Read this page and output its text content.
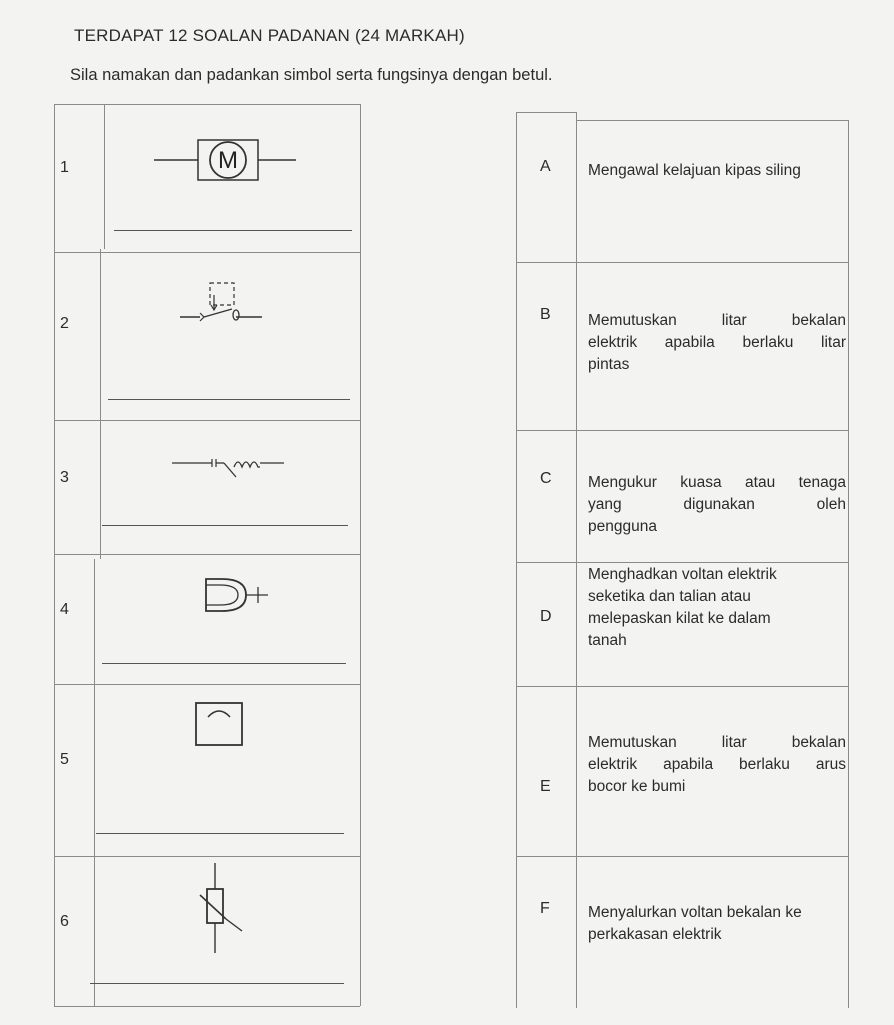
TERDAPAT 12 SOALAN PADANAN (24 MARKAH)
Sila namakan dan padankan simbol serta fungsinya dengan betul.
1	M
2
3
4
5
6
A Mengawal kelajuan kipas siling
B Memutuskan litar bekalan
elektrik apabila berlaku litar
pintas
C Mengukur kuasa atau tenaga
yang digunakan oleh
pengguna
D
Menghadkan voltan elektrik
seketika dan talian atau
melepaskan kilat ke dalam
tanah
E
Memutuskan litar bekalan
elektrik apabila berlaku arus
bocor ke bumi
F Menyalurkan voltan bekalan ke
perkakasan elektrik
